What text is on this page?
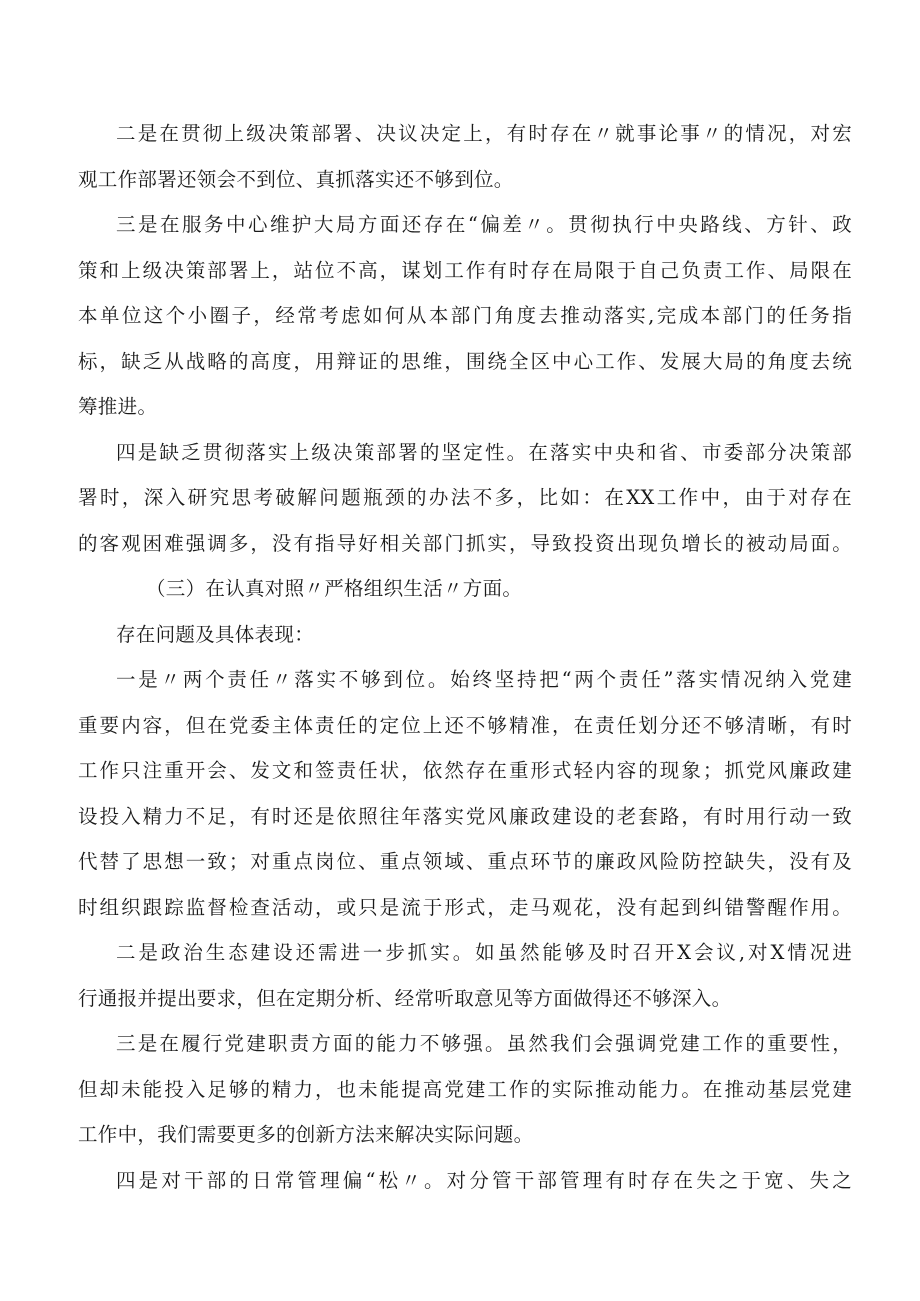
二是在贯彻上级决策部署、决议决定上，有时存在〃就事论事〃的情况，对宏
观工作部署还领会不到位、真抓落实还不够到位。
三是在服务中心维护大局方面还存在“偏差〃。贯彻执行中央路线、方针、政
策和上级决策部署上，站位不高，谋划工作有时存在局限于自己负责工作、局限在
本单位这个小圈子，经常考虑如何从本部门角度去推动落实,完成本部门的任务指
标，缺乏从战略的高度，用辩证的思维，围绕全区中心工作、发展大局的角度去统
筹推进。
四是缺乏贯彻落实上级决策部署的坚定性。在落实中央和省、市委部分决策部
署时，深入研究思考破解问题瓶颈的办法不多，比如：在XX工作中，由于对存在
的客观困难强调多，没有指导好相关部门抓实，导致投资出现负增长的被动局面。
（三）在认真对照〃严格组织生活〃方面。
存在问题及具体表现：
一是〃两个责任〃落实不够到位。始终坚持把“两个责任”落实情况纳入党建
重要内容，但在党委主体责任的定位上还不够精准，在责任划分还不够清晰，有时
工作只注重开会、发文和签责任状，依然存在重形式轻内容的现象；抓党风廉政建
设投入精力不足，有时还是依照往年落实党风廉政建设的老套路，有时用行动一致
代替了思想一致；对重点岗位、重点领域、重点环节的廉政风险防控缺失，没有及
时组织跟踪监督检查活动，或只是流于形式，走马观花，没有起到纠错警醒作用。
二是政治生态建设还需进一步抓实。如虽然能够及时召开X会议,对X情况进
行通报并提出要求，但在定期分析、经常听取意见等方面做得还不够深入。
三是在履行党建职责方面的能力不够强。虽然我们会强调党建工作的重要性，
但却未能投入足够的精力，也未能提高党建工作的实际推动能力。在推动基层党建
工作中，我们需要更多的创新方法来解决实际问题。
四是对干部的日常管理偏“松〃。对分管干部管理有时存在失之于宽、失之
